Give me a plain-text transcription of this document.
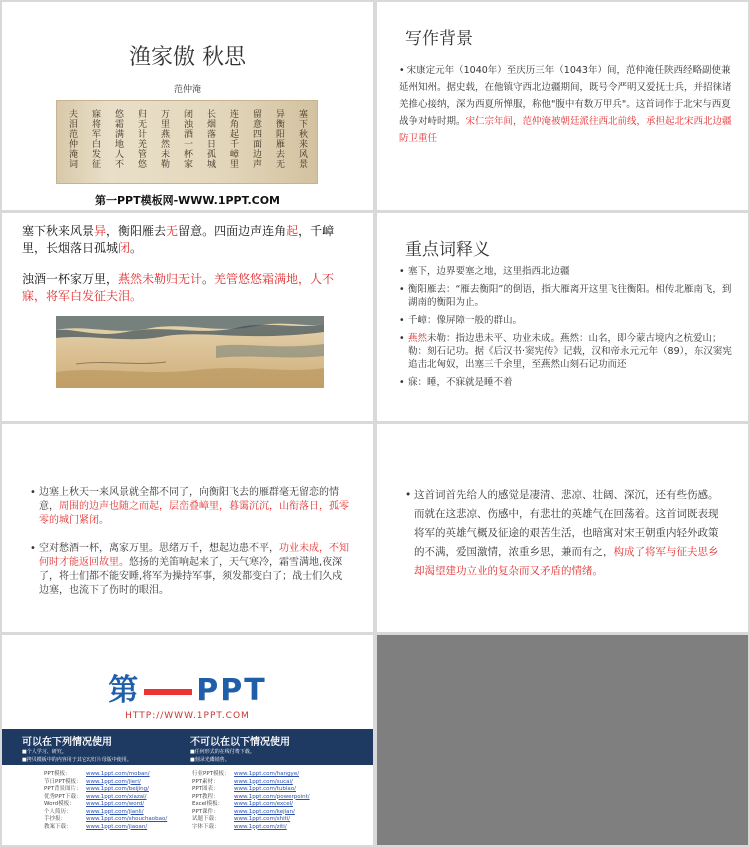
渔家傲 秋思
范仲淹
塞下秋来风景
异衡阳雁去无
留意四面边声
连角起千嶂里
长烟落日孤城
闭浊酒一杯家
万里燕然未勒
归无计羌管悠
悠霜满地人不
寐将军白发征
夫泪范仲淹词
第一PPT模板网-WWW.1PPT.COM
写作背景
• 宋康定元年（1040年）至庆历三年（1043年）间，范仲淹任陕西经略副使兼延州知州。据史载，在他镇守西北边疆期间，既号令严明又爱抚士兵，并招徕诸羌推心接纳，深为西夏所惮服，称他"腹中有数万甲兵"。这首词作于北宋与西夏战争对峙时期。宋仁宗年间，范仲淹被朝廷派往西北前线，承担起北宋西北边疆防卫重任
塞下秋来风景异，衡阳雁去无留意。四面边声连角起，千嶂里，长烟落日孤城闭。
浊酒一杯家万里，燕然未勒归无计。羌管悠悠霜满地，人不寐，将军白发征夫泪。
重点词释义
• 塞下，边界要塞之地，这里指西北边疆
• 衡阳雁去：“雁去衡阳”的倒语，指大雁离开这里飞往衡阳。相传北雁南飞，到湖南的衡阳为止。
• 千嶂：像屏障一般的群山。
• 燕然未勒：指边患未平、功业未成。燕然：山名，即今蒙古境内之杭爱山；勒：刻石记功。据《后汉书·窦宪传》记载，汉和帝永元元年（89），东汉窦宪追击北匈奴，出塞三千余里，至燕然山刻石记功而还
• 寐：睡，不寐就是睡不着
• 边塞上秋天一来风景就全都不同了，向衡阳飞去的雁群毫无留恋的情意，周围的边声也随之而起，层峦叠嶂里，暮霭沉沉，山衔落日，孤零零的城门紧闭。
• 空对愁酒一杯，离家万里。思绪万千，想起边患不平，功业未成，不知何时才能返回故里。悠扬的羌笛响起来了，天气寒冷，霜雪满地,夜深了，将士们都不能安睡,将军为操持军事，须发都变白了；战士们久戍边塞，也流下了伤时的眼泪。
• 这首词首先给人的感觉是凄清、悲凉、壮阔、深沉，还有些伤感。而就在这悲凉、伤感中，有悲壮的英雄气在回荡着。这首词既表现将军的英雄气概及征途的艰苦生活，也暗寓对宋王朝重内轻外政策的不满，爱国激情，浓重乡思，兼而有之，构成了将军与征夫思乡却渴望建功立业的复杂而又矛盾的情绪。
第 PPT
HTTP://WWW.1PPT.COM
可以在下列情况使用
■个人学习、研究。
■拷贝模板中的内容用于其它幻灯片母版中使用。
不可以在以下情况使用
■任何形式的在线付费下载。
■刻录光碟销售。
PPT模板：	www.1ppt.com/moban/
节日PPT模板： www.1ppt.com/jieri/
PPT背景图片： www.1ppt.com/beijing/
优秀PPT下载： www.1ppt.com/xiazai/
Word模板：	www.1ppt.com/word/
个人简历：	www.1ppt.com/jianli/
手抄报：	www.1ppt.com/shouchaobao/
教案下载：	www.1ppt.com/jiaoan/
行业PPT模板： www.1ppt.com/hangye/
PPT素材：	www.1ppt.com/sucai/
PPT图表：	www.1ppt.com/tubiao/
PPT教程：	www.1ppt.com/powerpoint/
Excel模板：	www.1ppt.com/excel/
PPT课件：	www.1ppt.com/kejian/
试题下载：	www.1ppt.com/shiti/
字体下载：	www.1ppt.com/ziti/
